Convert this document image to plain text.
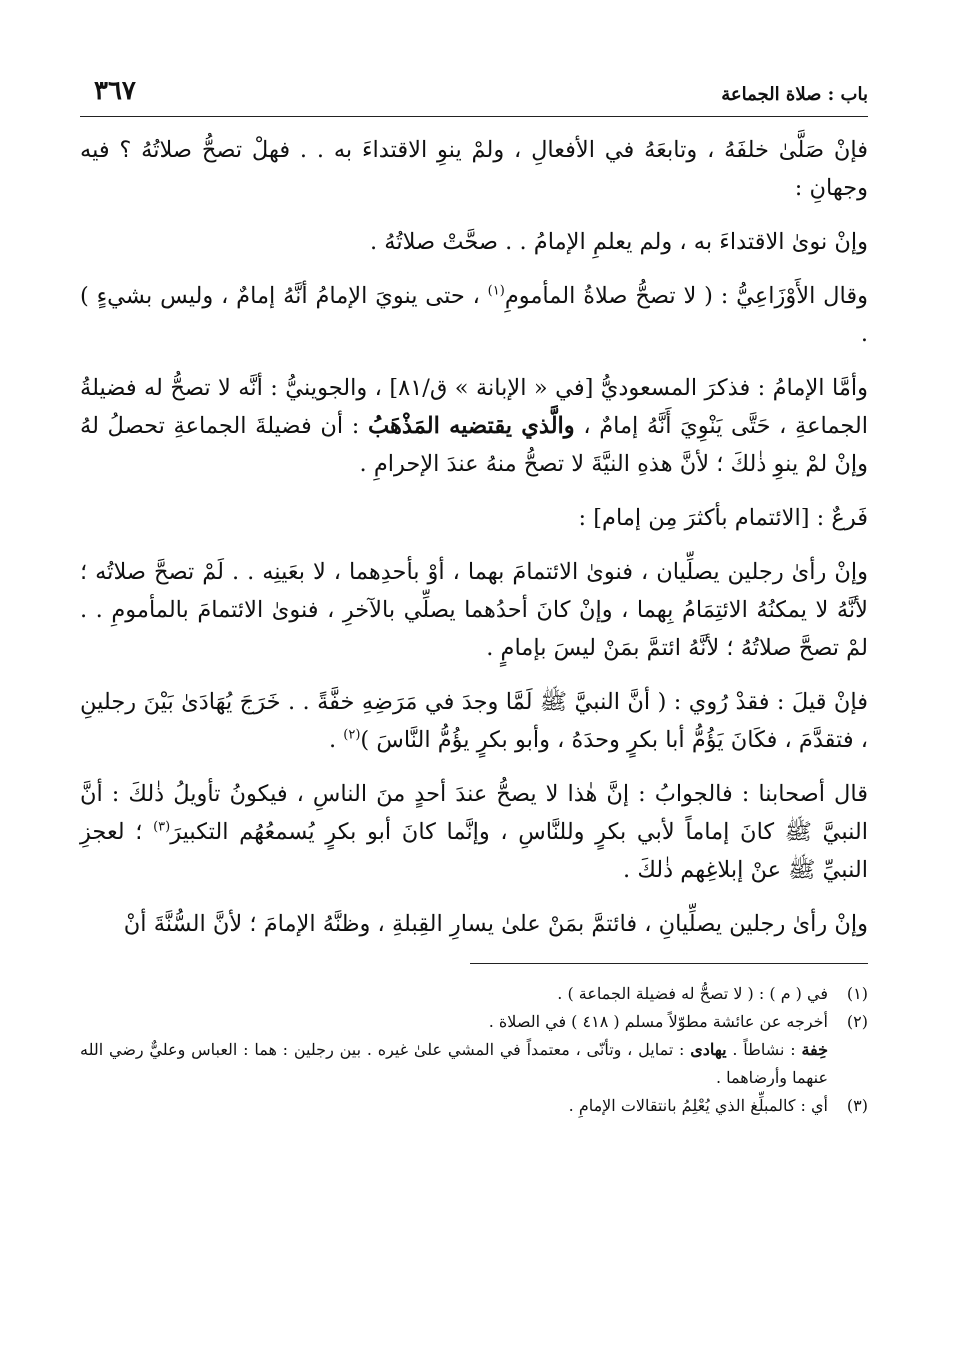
باب : صلاة الجماعة
٣٦٧

فإنْ صَلَّىٰ خلفَهُ ، وتابعَهُ في الأفعالِ ، ولمْ ينوِ الاقتداءَ به . . فهلْ تصحُّ صلاتُهُ ؟ فيه وجهانِ :

وإنْ نوىٰ الاقتداءَ به ، ولم يعلمِ الإمامُ . . صحَّتْ صلاتُهُ .

وقال الأَوْزَاعِيُّ : ( لا تصحُّ صلاةُ المأمومِ$^{(١)}$ ، حتى ينويَ الإمامُ أنَّهُ إمامٌ ، وليس بشيءٍ ) .

وأمَّا الإمامُ : فذكرَ المسعوديُّ [في « الإبانة » ق/٨١] ، والجوينيُّ : أنَّه لا تصحُّ له فضيلةُ الجماعةِ ، حَتَّى يَنْوِيَ أَنَّهُ إمامٌ ، والَّذي يقتضيه المَذْهَبُ : أن فضيلةَ الجماعةِ تحصلُ لهُ وإنْ لمْ ينوِ ذٰلكَ ؛ لأنَّ هذهِ النيَّةَ لا تصحُّ منهُ عندَ الإحرامِ .

فَرعٌ : [الائتمام بأكثرَ مِن إمام] :

وإنْ رأىٰ رجلين يصلِّيان ، فنوىٰ الائتمامَ بهما ، أوْ بأحدِهما ، لا بعَينِه . . لَمْ تصحَّ صلاتُه ؛ لأنَّهُ لا يمكنُهُ الائتِمَامُ بِهما ، وإنْ كانَ أحدُهما يصلِّي بالآخرِ ، فنوىٰ الائتمامَ بالمأمومِ . . لمْ تصحَّ صلاتُهُ ؛ لأنَّهُ ائتمَّ بمَنْ ليسَ بإمامٍ .

فإنْ قيلَ : فقدْ رُوي : ( أنَّ النبيَّ ﷺ لَمَّا وجدَ في مَرَضِهِ خفَّةً . . خَرَجَ يُهَادَىٰ بَيْنَ رجلينِ ، فتقدَّمَ ، فكَانَ يَؤُمُّ أبا بكرٍ وحدَهُ ، وأبو بكرٍ يؤُمُّ النَّاسَ )$^{(٢)}$ .

قال أصحابنا : فالجوابُ : إنَّ هٰذا لا يصحُّ عندَ أحدٍ منَ الناسِ ، فيكونُ تأويلُ ذٰلكَ : أنَّ النبيَّ ﷺ كانَ إماماً لأبي بكرٍ وللنَّاسِ ، وإنَّما كانَ أبو بكرٍ يُسمعُهُم التكبيرَ$^{(٣)}$ ؛ لعجزِ النبيِّ ﷺ عنْ إبلاغِهم ذٰلكَ .

وإنْ رأىٰ رجلين يصلِّيانِ ، فائتمَّ بمَنْ علىٰ يسارِ القِبلةِ ، وظنَّهُ الإمامَ ؛ لأنَّ السُّنَّةَ أنْ

(١)
في ( م ) : ( لا تصحُّ له فضيلة الجماعة ) .
(٢)
أخرجه عن عائشة مطوّلاً مسلم ( ٤١٨ ) في الصلاة .
خِفة : نشاطاً . يهادى : تمايل ، وتأنّى ، معتمداً في المشي علىٰ غيره . بين رجلين : هما : العباس وعليٌّ رضي الله عنهما وأرضاهما .
(٣)
أي : كالمبلِّغ الذي يُعْلِمُ بانتقالات الإمامِ .
